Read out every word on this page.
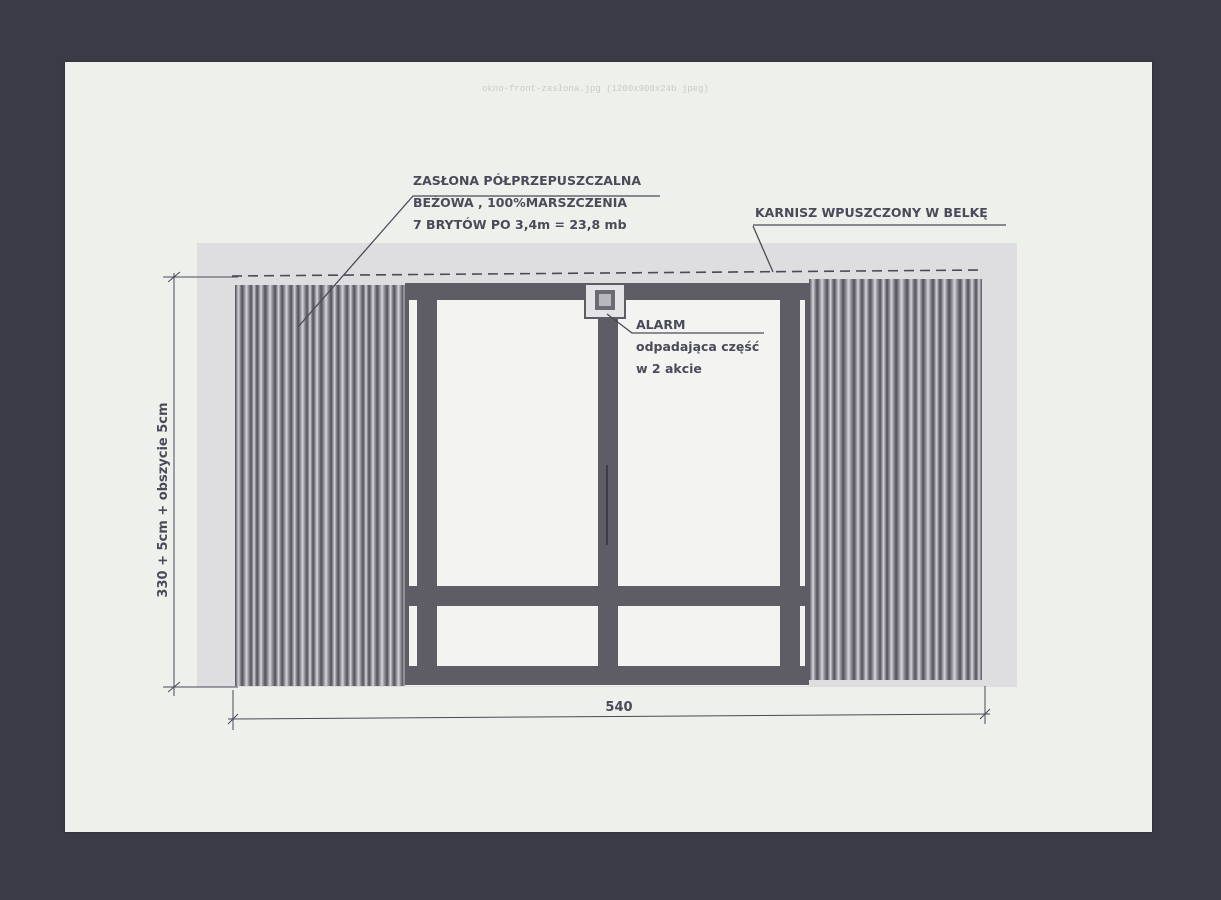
okno-front-zasłona.jpg (1200x900x24b jpeg)
330 + 5cm + obszycie 5cm
540
ZASŁONA PÓŁPRZEPUSZCZALNA
BEŻOWA , 100%MARSZCZENIA
7 BRYTÓW PO 3,4m = 23,8 mb
KARNISZ WPUSZCZONY W BELKĘ
ALARM
odpadająca część
w 2 akcie
